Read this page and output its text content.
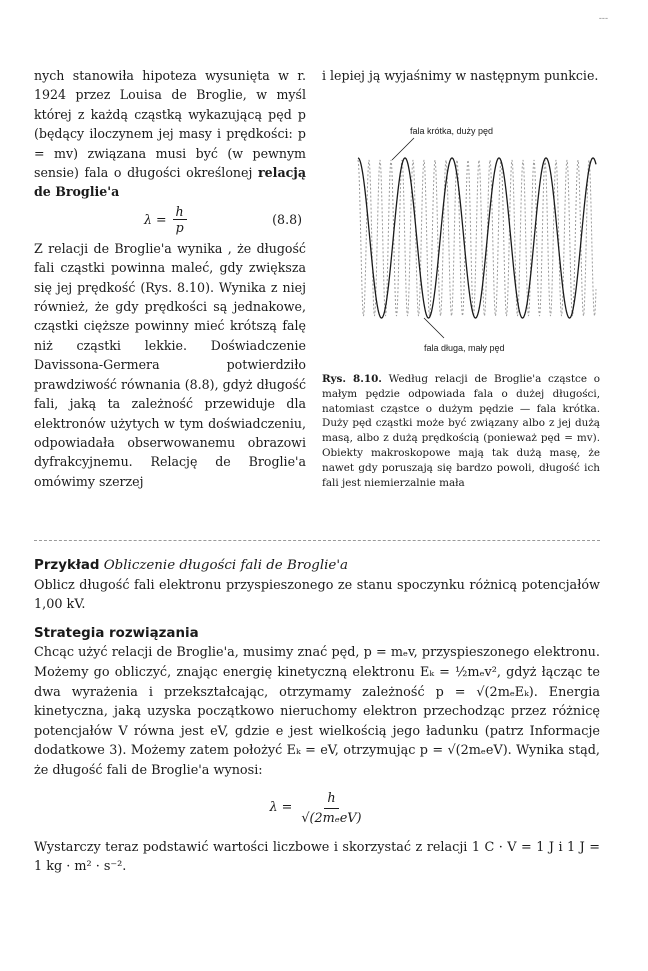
---

nych stanowiła hipoteza wysunięta w r. 1924 przez Louisa de Broglie, w myśl której z każdą cząstką wykazującą pęd p (będący iloczynem jej masy i prędkości: p = mv) związana musi być (w pewnym sensie) fala o długości określonej relacją de Broglie'a

$\lambda = \frac{h}{p}$	(8.8)

Z relacji de Broglie'a wynika , że długość fali cząstki powinna maleć, gdy zwiększa się jej prędkość (Rys. 8.10). Wynika z niej również, że gdy prędkości są jednakowe, cząstki cięższe powinny mieć krótszą falę niż cząstki lekkie. Doświadczenie Davissona-Germera potwierdziło prawdziwość równania (8.8), gdyż długość fali, jaką ta zależność przewiduje dla elektronów użytych w tym doświadczeniu, odpowiadała obserwowanemu obrazowi dyfrakcyjnemu. Relację de Broglie'a omówimy szerzej

i lepiej ją wyjaśnimy w następnym punkcie.
fala krótka, duży pęd
fala długa, mały pęd
Rys. 8.10. Według relacji de Broglie'a cząstce o małym pędzie odpowiada fala o dużej długości, natomiast cząstce o dużym pędzie — fala krótka. Duży pęd cząstki może być związany albo z jej dużą masą, albo z dużą prędkością (ponieważ pęd = mv). Obiekty makroskopowe mają tak dużą masę, że nawet gdy poruszają się bardzo powoli, długość ich fali jest niemierzalnie mała

Przykład Obliczenie długości fali de Broglie'a

Oblicz długość fali elektronu przyspieszonego ze stanu spoczynku różnicą potencjałów 1,00 kV.

Strategia rozwiązania

Chcąc użyć relacji de Broglie'a, musimy znać pęd, p = mₑv, przyspieszonego elektronu. Możemy go obliczyć, znając energię kinetyczną elektronu Eₖ = ½mₑv², gdyż łącząc te dwa wyrażenia i przekształcając, otrzymamy zależność p = √(2mₑEₖ). Energia kinetyczna, jaką uzyska początkowo nieruchomy elektron przechodząc przez różnicę potencjałów V równa jest eV, gdzie e jest wielkością jego ładunku (patrz Informacje dodatkowe 3). Możemy zatem położyć Eₖ = eV, otrzymując p = √(2mₑeV). Wynika stąd, że długość fali de Broglie'a wynosi:

$\lambda = \frac{h}{\text{√(2mₑeV)}}$

Wystarczy teraz podstawić wartości liczbowe i skorzystać z relacji 1 C · V = 1 J i 1 J = 1 kg · m² · s⁻².
